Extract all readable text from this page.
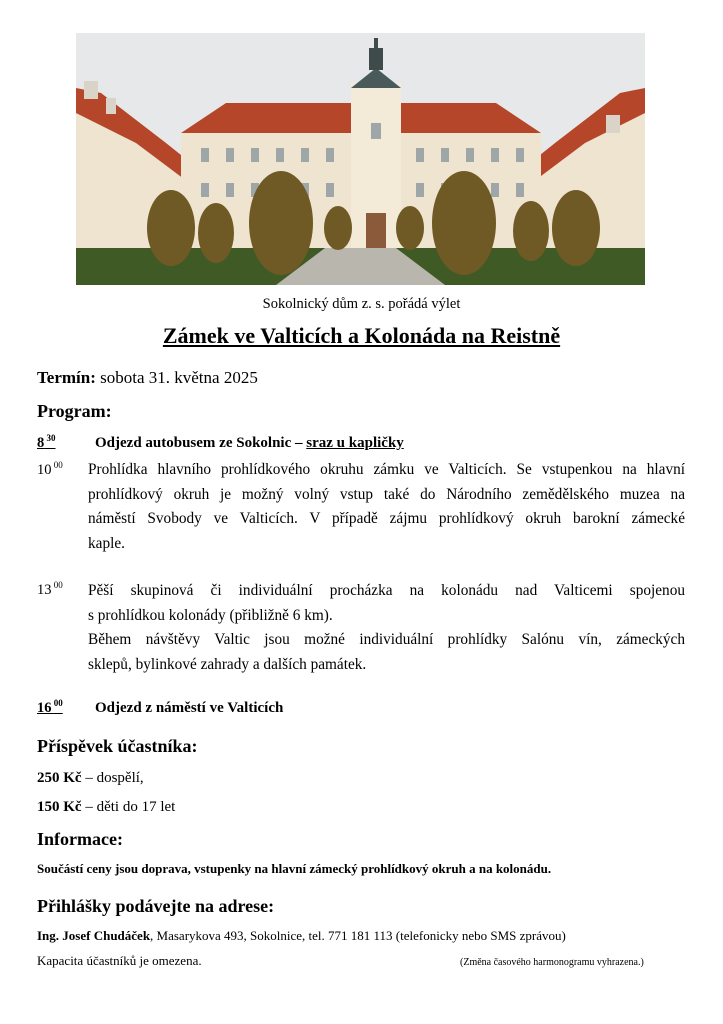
Sokolnický dům z. s. pořádá výlet
Zámek ve Valticích a Kolonáda na Reistně
Termín: sobota 31. května 2025
Program:
8 $^{30}$	Odjezd autobusem ze Sokolnic – sraz u kapličky
10 $^{00}$ Prohlídka hlavního prohlídkového okruhu zámku ve Valticích. Se vstupenkou na hlavní
prohlídkový okruh je možný volný vstup také do Národního zemědělského muzea na
náměstí Svobody ve Valticích. V případě zájmu prohlídkový okruh barokní zámecké
kaple.
13 $^{00}$ Pěší skupinová či individuální procházka na kolonádu nad Valticemi spojenou
s prohlídkou kolonády (přibližně 6 km).
Během návštěvy Valtic jsou možné individuální prohlídky Salónu vín, zámeckých
sklepů, bylinkové zahrady a dalších památek.
16 $^{00}$ Odjezd z náměstí ve Valticích
Příspěvek účastníka:
250 Kč – dospělí,
150 Kč – děti do 17 let
Informace:
Součástí ceny jsou doprava, vstupenky na hlavní zámecký prohlídkový okruh a na kolonádu.
Přihlášky podávejte na adrese:
Ing. Josef Chudáček, Masarykova 493, Sokolnice, tel. 771 181 113 (telefonicky nebo SMS zprávou)
Kapacita účastníků je omezena.	(Změna časového harmonogramu vyhrazena.)
